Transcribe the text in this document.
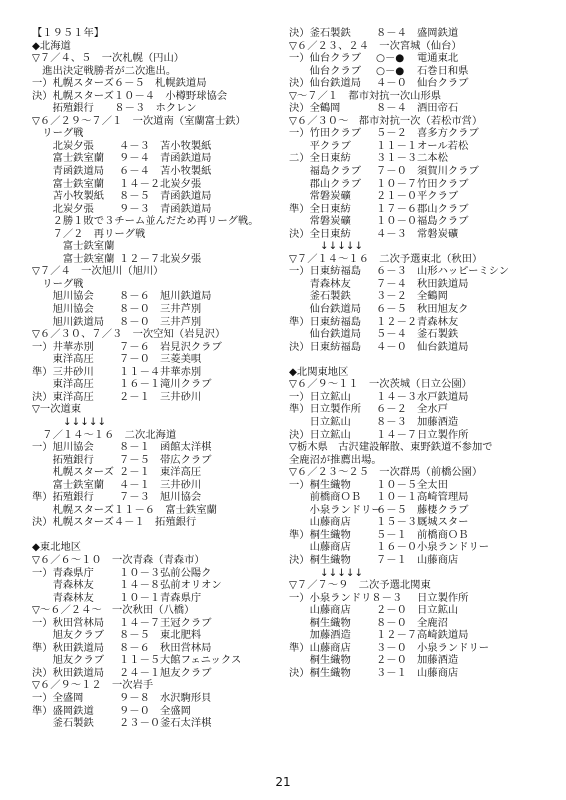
【１９５１年】
◆北海道
▽７／４、５　一次札幌（円山）
　進出決定戦勝者が二次進出。
一）札幌スターズ６－５　札幌鉄道局
決）札幌スターズ１０－４　小樽野球協会
　　拓殖銀行　　８－３　ホクレン
▽６／２９～７／１　一次道南（室蘭富士鉄）
　リーグ戦
　　北炭夕張 ４－３ 苫小牧製紙
　　富士鉄室蘭 ９－４ 青函鉄道局
　　青函鉄道局 ６－４ 苫小牧製紙
　　富士鉄室蘭 １４－２ 北炭夕張
　　苫小牧製紙 ８－５ 青函鉄道局
　　北炭夕張 ９－３ 青函鉄道局
　　２勝１敗で３チーム並んだため再リーグ戦。
　　７／２　再リーグ戦
　　　富士鉄室蘭
　　　富士鉄室蘭 １２－７ 北炭夕張
▽７／４　一次旭川（旭川）
　リーグ戦
　　旭川協会 ８－６ 旭川鉄道局
　　旭川協会 ８－０ 三井芦別
　　旭川鉄道局 ８－０ 三井芦別
▽６／３０、７／３　一次空知（岩見沢）
一）井華赤別 ７－６ 岩見沢クラブ
　　東洋高圧 ７－０ 三菱美唄
準）三井砂川 １１－４ 井華赤別
　　東洋高圧 １６－１ 滝川クラブ
決）東洋高圧 ２－１ 三井砂川
▽一次道東
　　　↓↓↓↓↓
　７／１４～１６　二次北海道
一）旭川協会 ８－１ 函館太洋棋
　　拓殖銀行 ７－５ 帯広クラブ
　　札幌スターズ ２－１ 東洋高圧
　　富士鉄室蘭 ４－１ 三井砂川
準）拓殖銀行 ７－３ 旭川協会
　　札幌スターズ１１－６　富士鉄室蘭
決）札幌スターズ４－１　拓殖銀行
◆東北地区
▽６／６～１０　一次青森（青森市）
一）青森県庁 １０－３ 弘前公陽ク
　　青森林友 １４－８ 弘前オリオン
　　青森林友 １０－１ 青森県庁
▽～６／２４～　一次秋田（八橋）
一）秋田営林局 １４－７ 王冠クラブ
　　旭友クラブ ８－５ 東北肥料
準）秋田鉄道局 ８－６ 秋田営林局
　　旭友クラブ １１－５ 大館フェニックス
決）秋田鉄道局 ２４－１ 旭友クラブ
▽６／９～１２　一次岩手
一）全盛岡	９－８ 水沢駒形貝
準）盛岡鉄道 ９－０ 全盛岡
　　釜石製鉄 ２３－０ 釜石太洋棋
決）釜石製鉄 ８－４ 盛岡鉄道
▽６／２３、２４　一次宮城（仙台）
一）仙台クラブ ○－● 電通東北
　　仙台クラブ ○－● 石巻日和県
決）仙台鉄道局 ４－０ 仙台クラブ
▽～７／１　都市対抗一次山形県
決）全鶴岡	８－４ 酒田帝石
▽６／３０～　都市対抗一次（若松市営）
一）竹田クラブ ５－２ 喜多方クラブ
　　平クラブ １１－１ オール若松
二）全日東紡 ３１－３ 二本松
　　福島クラブ ７－０ 須賀川クラブ
　　郡山クラブ １０－７ 竹田クラブ
　　常磐炭礦 ２１－０ 平クラブ
準）全日東紡 １７－６ 郡山クラブ
　　常磐炭礦 １０－０ 福島クラブ
決）全日東紡 ４－３ 常磐炭礦
　　　↓↓↓↓↓
▽７／１４～１６　二次予選東北（秋田）
一）日東紡福島 ６－３ 山形ハッピーミシン
　　青森林友 ７－４ 秋田鉄道局
　　釜石製鉄 ３－２ 全鶴岡
　　仙台鉄道局 ６－５ 秋田旭友ク
準）日東紡福島 １２－２ 青森林友
　　仙台鉄道局 ５－４ 釜石製鉄
決）日東紡福島 ４－０ 仙台鉄道局
◆北関東地区
▽６／９～１１　一次茨城（日立公園）
一）日立鉱山 １４－３ 水戸鉄道局
準）日立製作所 ６－２ 全水戸
　　日立鉱山 ８－３ 加藤酒造
決）日立鉱山 １４－７ 日立製作所
▽栃木県　古沢建設解散、東野鉄道不参加で
全鹿沼が推薦出場。
▽６／２３～２５　一次群馬（前橋公園）
一）桐生織物 １０－５ 全太田
　　前橋商ＯＢ １０－１ 高崎管理局
　　小泉ランドリー
６－５ 藤棲クラブ
　　山藤商店 １５－３ 厩城スター
準）桐生織物 ５－１ 前橋商ＯＢ
　　山藤商店 １６－０ 小泉ランドリー
決）桐生織物 ７－１ 山藤商店
　　　↓↓↓↓↓
▽７／７～９　二次予選北関東
一）小泉ランドリ８－３ 日立製作所
　　山藤商店 ２－０ 日立鉱山
　　桐生織物 ８－０ 全鹿沼
　　加藤酒造 １２－７ 高崎鉄道局
準）山藤商店 ３－０ 小泉ランドリー
　　桐生織物 ２－０ 加藤酒造
決）桐生織物 ３－１ 山藤商店
21
